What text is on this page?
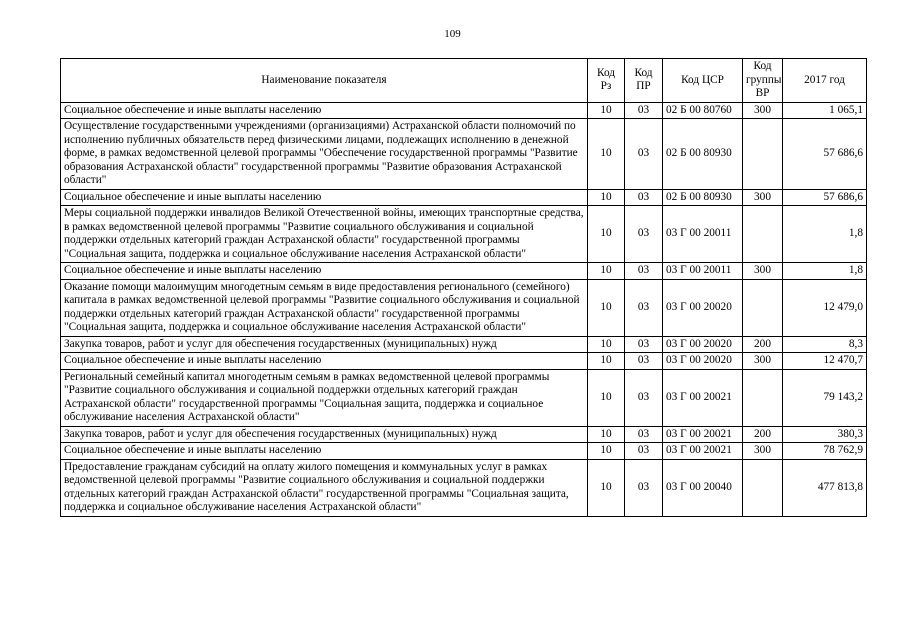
109
Наименование показателя	Код Рз	Код ПР	Код ЦСР	Код группы ВР	2017 год
Социальное обеспечение и иные выплаты населению	10	03	02 Б 00 80760	300	1 065,1
Осуществление государственными учреждениями (организациями) Астраханской области полномочий по исполнению публичных обязательств перед физическими лицами, подлежащих исполнению в денежной форме, в рамках ведомственной целевой программы "Обеспечение государственной программы "Развитие образования Астраханской области" государственной программы "Развитие образования Астраханской области"	10	03	02 Б 00 80930		57 686,6
Социальное обеспечение и иные выплаты населению	10	03	02 Б 00 80930	300	57 686,6
Меры социальной поддержки инвалидов Великой Отечественной войны, имеющих транспортные средства, в рамках ведомственной целевой программы "Развитие социального обслуживания и социальной поддержки отдельных категорий граждан Астраханской области" государственной программы "Социальная защита, поддержка и социальное обслуживание населения Астраханской области"	10	03	03 Г 00 20011		1,8
Социальное обеспечение и иные выплаты населению	10	03	03 Г 00 20011	300	1,8
Оказание помощи малоимущим многодетным семьям в виде предоставления регионального (семейного) капитала в рамках ведомственной целевой программы "Развитие социального обслуживания и социальной поддержки отдельных категорий граждан Астраханской области" государственной программы "Социальная защита, поддержка и социальное обслуживание населения Астраханской области"	10	03	03 Г 00 20020		12 479,0
Закупка товаров, работ и услуг для обеспечения государственных (муниципальных) нужд	10	03	03 Г 00 20020	200	8,3
Социальное обеспечение и иные выплаты населению	10	03	03 Г 00 20020	300	12 470,7
Региональный семейный капитал многодетным семьям в рамках ведомственной целевой программы "Развитие социального обслуживания и социальной поддержки отдельных категорий граждан Астраханской области" государственной программы "Социальная защита, поддержка и социальное обслуживание населения Астраханской области"	10	03	03 Г 00 20021		79 143,2
Закупка товаров, работ и услуг для обеспечения государственных (муниципальных) нужд	10	03	03 Г 00 20021	200	380,3
Социальное обеспечение и иные выплаты населению	10	03	03 Г 00 20021	300	78 762,9
Предоставление гражданам субсидий на оплату жилого помещения и коммунальных услуг в рамках ведомственной целевой программы "Развитие социального обслуживания и социальной поддержки отдельных категорий граждан Астраханской области" государственной программы "Социальная защита, поддержка и социальное обслуживание населения Астраханской области"	10	03	03 Г 00 20040		477 813,8
